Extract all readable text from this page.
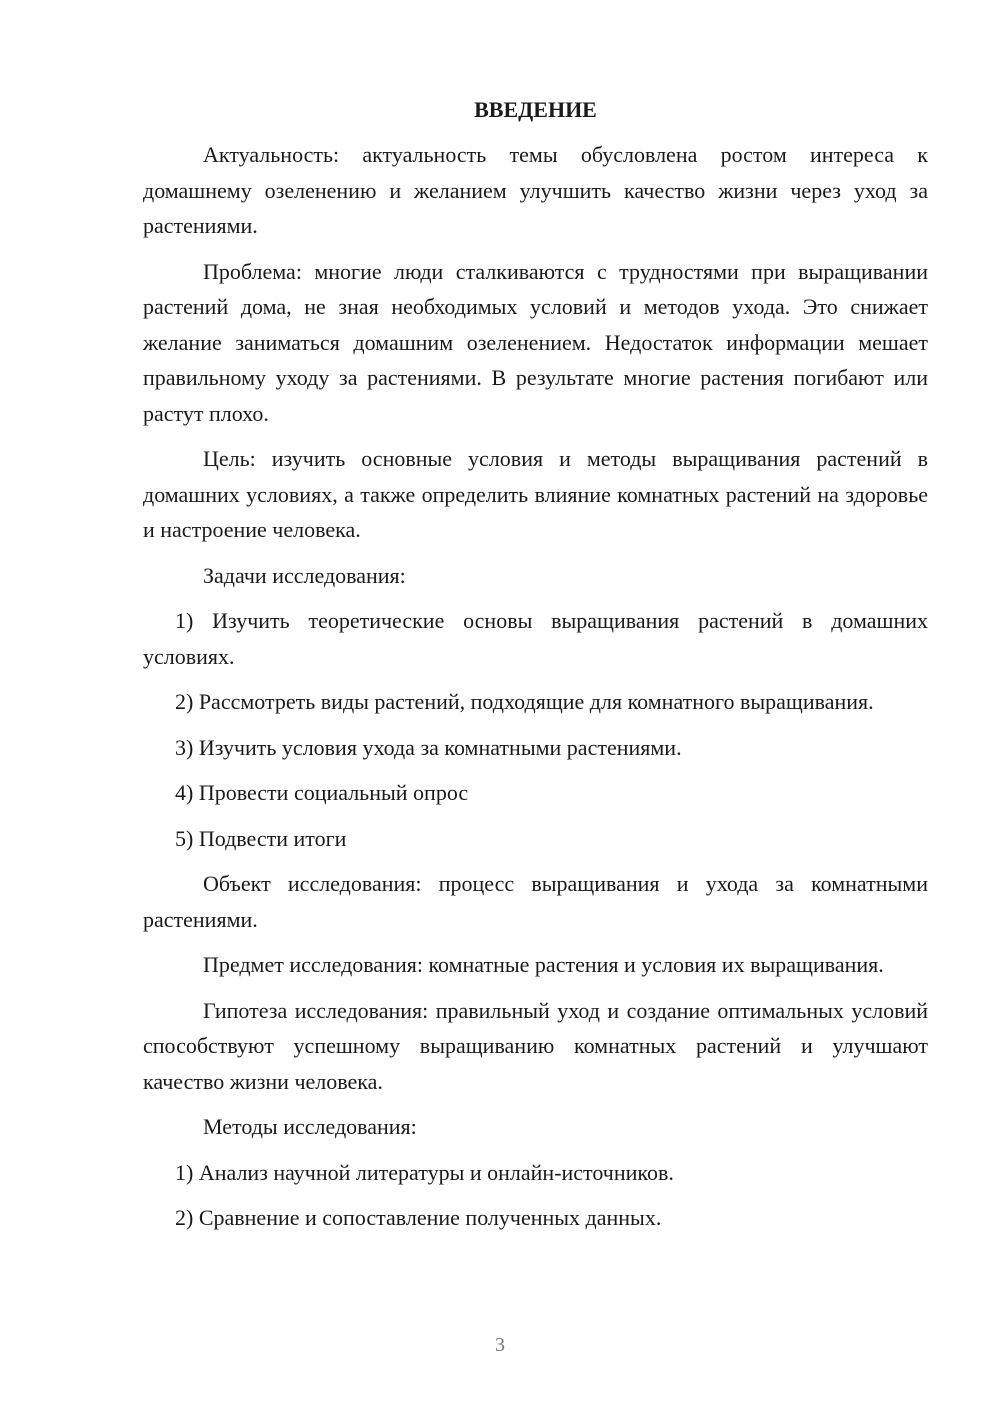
ВВЕДЕНИЕ

Актуальность: актуальность темы обусловлена ростом интереса к домашнему озеленению и желанием улучшить качество жизни через уход за растениями.

Проблема: многие люди сталкиваются с трудностями при выращивании растений дома, не зная необходимых условий и методов ухода. Это снижает желание заниматься домашним озеленением. Недостаток информации мешает правильному уходу за растениями. В результате многие растения погибают или растут плохо.

Цель: изучить основные условия и методы выращивания растений в домашних условиях, а также определить влияние комнатных растений на здоровье и настроение человека.

Задачи исследования:

1) Изучить теоретические основы выращивания растений в домашних условиях.

2) Рассмотреть виды растений, подходящие для комнатного выращивания.

3) Изучить условия ухода за комнатными растениями.

4) Провести социальный опрос

5) Подвести итоги

Объект исследования: процесс выращивания и ухода за комнатными растениями.

Предмет исследования: комнатные растения и условия их выращивания.

Гипотеза исследования: правильный уход и создание оптимальных условий способствуют успешному выращиванию комнатных растений и улучшают качество жизни человека.

Методы исследования:

1) Анализ научной литературы и онлайн-источников.

2) Сравнение и сопоставление полученных данных.

3
